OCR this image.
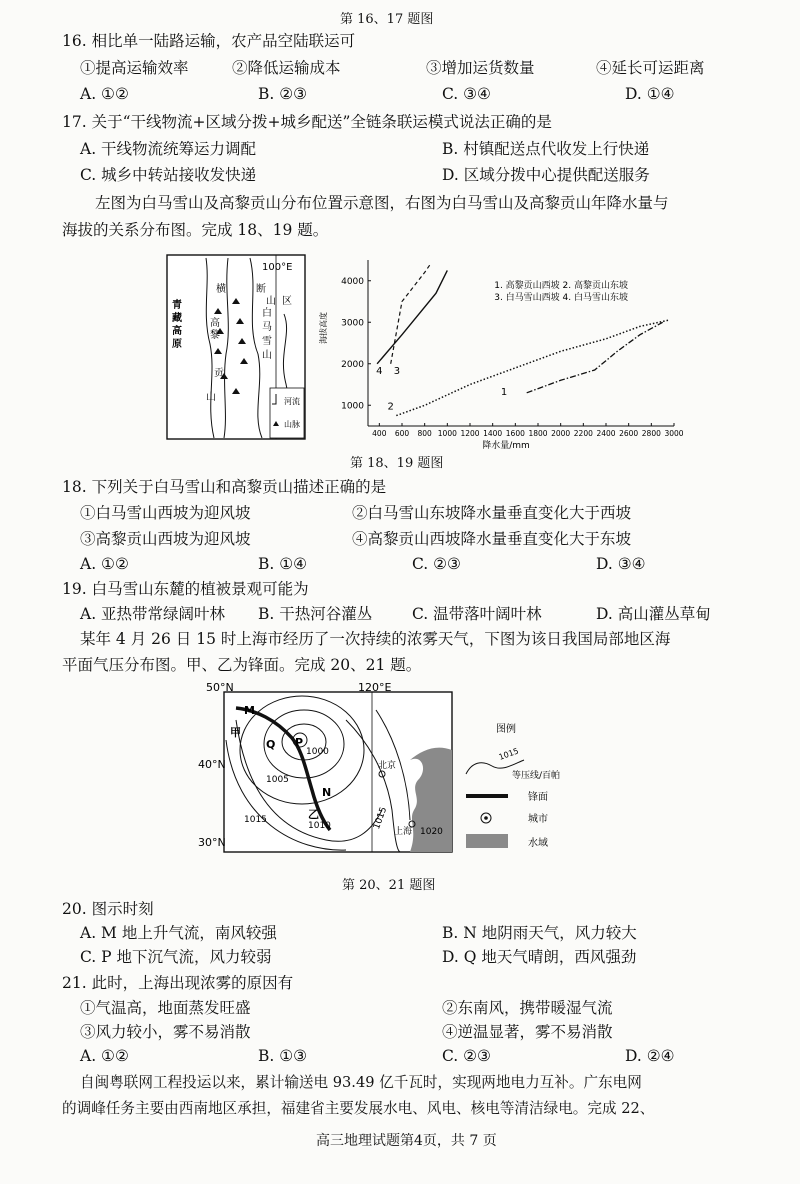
第 16、17 题图
16. 相比单一陆路运输，农产品空陆联运可
①提高运输效率	②降低运输成本	③增加运货数量	④延长可运距离
A. ①②	B. ②③	C. ③④	D. ①④
17. 关于“干线物流+区域分拨+城乡配送”全链条联运模式说法正确的是
A. 干线物流统筹运力调配	B. 村镇配送点代收发上行快递
C. 城乡中转站接收发快递	D. 区域分拨中心提供配送服务
左图为白马雪山及高黎贡山分布位置示意图，右图为白马雪山及高黎贡山年降水量与
海拔的关系分布图。完成 18、19 题。
100°E
青
藏
高
原
横	断
山 区
高
黎
贡
山
白
马
雪
山
河流
山脉
400 600 800 1000 1200 1400 1600 1800 2000 2200 2400 2600 2800 3000
1000
2000
3000
4000
1
2
3
4
1. 高黎贡山西坡 2. 高黎贡山东坡
3. 白马雪山西坡 4. 白马雪山东坡
海拔高度
降水量/mm
第 18、19 题图
18. 下列关于白马雪山和高黎贡山描述正确的是
①白马雪山西坡为迎风坡	②白马雪山东坡降水量垂直变化大于西坡
③高黎贡山西坡为迎风坡	④高黎贡山西坡降水量垂直变化大于东坡
A. ①②	B. ①④	C. ②③	D. ③④
19. 白马雪山东麓的植被景观可能为
A. 亚热带常绿阔叶林 B. 干热河谷灌丛	C. 温带落叶阔叶林	D. 高山灌丛草甸
某年 4 月 26 日 15 时上海市经历了一次持续的浓雾天气，下图为该日我国局部地区海
平面气压分布图。甲、乙为锋面。完成 20、21 题。
50°N	120°E
40°N
30°N
M
P
Q
N
甲
乙
1000
1005
1010
1015	1015
北京
上海 1020
图例
1015
等压线/百帕
锋面
城市
水域
第 20、21 题图
20. 图示时刻
A. M 地上升气流，南风较强	B. N 地阴雨天气，风力较大
C. P 地下沉气流，风力较弱	D. Q 地天气晴朗，西风强劲
21. 此时，上海出现浓雾的原因有
①气温高，地面蒸发旺盛	②东南风，携带暖湿气流
③风力较小，雾不易消散	④逆温显著，雾不易消散
A. ①②	B. ①③	C. ②③	D. ②④
自闽粤联网工程投运以来，累计输送电 93.49 亿千瓦时，实现两地电力互补。广东电网
的调峰任务主要由西南地区承担，福建省主要发展水电、风电、核电等清洁绿电。完成 22、
高三地理试题第4页，共 7 页
